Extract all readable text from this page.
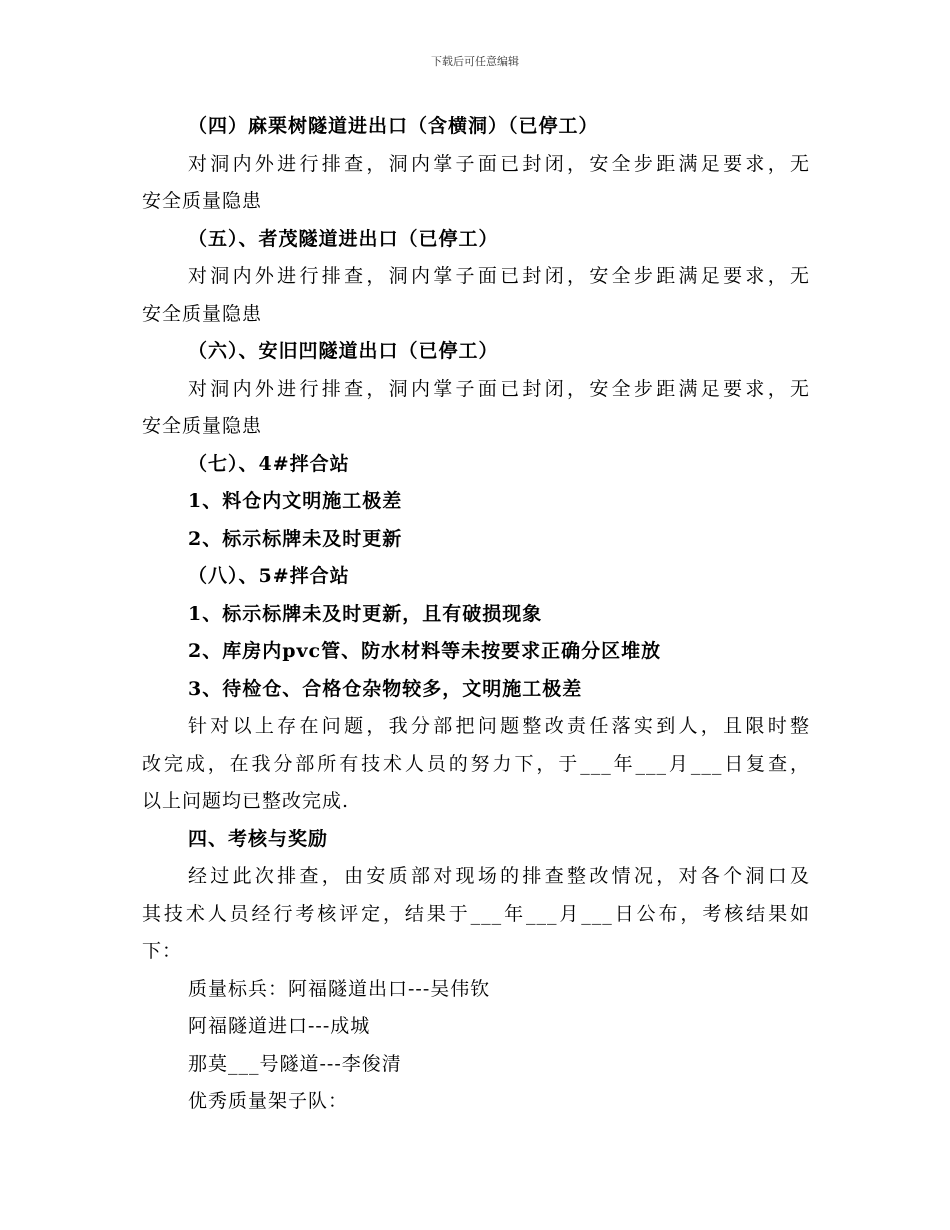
下载后可任意编辑
（四）麻栗树隧道进出口（含横洞）（已停工）
对洞内外进行排查，洞内掌子面已封闭，安全步距满足要求，无
安全质量隐患
（五）、者茂隧道进出口（已停工）
对洞内外进行排查，洞内掌子面已封闭，安全步距满足要求，无
安全质量隐患
（六）、安旧凹隧道出口（已停工）
对洞内外进行排查，洞内掌子面已封闭，安全步距满足要求，无
安全质量隐患
（七）、4#拌合站
1、料仓内文明施工极差
2、标示标牌未及时更新
（八）、5#拌合站
1、标示标牌未及时更新，且有破损现象
2、库房内pvc管、防水材料等未按要求正确分区堆放
3、待检仓、合格仓杂物较多，文明施工极差
针对以上存在问题，我分部把问题整改责任落实到人，且限时整
改完成，在我分部所有技术人员的努力下，于___年___月___日复查，
以上问题均已整改完成.
四、考核与奖励
经过此次排查，由安质部对现场的排查整改情况，对各个洞口及
其技术人员经行考核评定，结果于___年___月___日公布，考核结果如
下：
质量标兵：阿福隧道出口---吴伟钦
阿福隧道进口---成城
那莫___号隧道---李俊清
优秀质量架子队：
